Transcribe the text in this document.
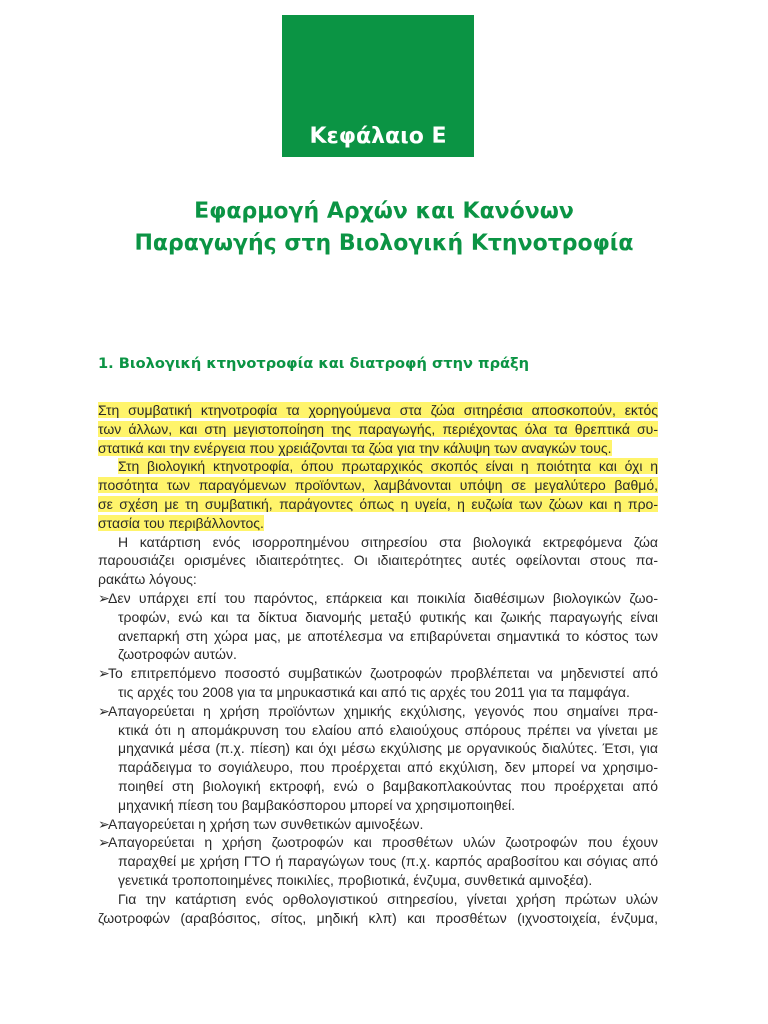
Κεφάλαιο Ε
Εφαρμογή Αρχών και Κανόνων
Παραγωγής στη Βιολογική Κτηνοτροφία
1. Βιολογική κτηνοτροφία και διατροφή στην πράξη
Στη συμβατική κτηνοτροφία τα χορηγούμενα στα ζώα σιτηρέσια αποσκοπούν, εκτός
των άλλων, και στη μεγιστοποίηση της παραγωγής, περιέχοντας όλα τα θρεπτικά συ-
στατικά και την ενέργεια που χρειάζονται τα ζώα για την κάλυψη των αναγκών τους.
Στη βιολογική κτηνοτροφία, όπου πρωταρχικός σκοπός είναι η ποιότητα και όχι η
ποσότητα των παραγόμενων προϊόντων, λαμβάνονται υπόψη σε μεγαλύτερο βαθμό,
σε σχέση με τη συμβατική, παράγοντες όπως η υγεία, η ευζωία των ζώων και η προ-
στασία του περιβάλλοντος.
Η κατάρτιση ενός ισορροπημένου σιτηρεσίου στα βιολογικά εκτρεφόμενα ζώα
παρουσιάζει ορισμένες ιδιαιτερότητες. Οι ιδιαιτερότητες αυτές οφείλονται στους πα-
ρακάτω λόγους:
➢Δεν υπάρχει επί του παρόντος, επάρκεια και ποικιλία διαθέσιμων βιολογικών ζωο-
τροφών, ενώ και τα δίκτυα διανομής μεταξύ φυτικής και ζωικής παραγωγής είναι
ανεπαρκή στη χώρα μας, με αποτέλεσμα να επιβαρύνεται σημαντικά το κόστος των
ζωοτροφών αυτών.
➢Το επιτρεπόμενο ποσοστό συμβατικών ζωοτροφών προβλέπεται να μηδενιστεί από
τις αρχές του 2008 για τα μηρυκαστικά και από τις αρχές του 2011 για τα παμφάγα.
➢Απαγορεύεται η χρήση προϊόντων χημικής εκχύλισης, γεγονός που σημαίνει πρα-
κτικά ότι η απομάκρυνση του ελαίου από ελαιούχους σπόρους πρέπει να γίνεται με
μηχανικά μέσα (π.χ. πίεση) και όχι μέσω εκχύλισης με οργανικούς διαλύτες. Έτσι, για
παράδειγμα το σογιάλευρο, που προέρχεται από εκχύλιση, δεν μπορεί να χρησιμο-
ποιηθεί στη βιολογική εκτροφή, ενώ ο βαμβακοπλακούντας που προέρχεται από
μηχανική πίεση του βαμβακόσπορου μπορεί να χρησιμοποιηθεί.
➢Απαγορεύεται η χρήση των συνθετικών αμινοξέων.
➢Απαγορεύεται η χρήση ζωοτροφών και προσθέτων υλών ζωοτροφών που έχουν
παραχθεί με χρήση ΓΤΟ ή παραγώγων τους (π.χ. καρπός αραβοσίτου και σόγιας από
γενετικά τροποποιημένες ποικιλίες, προβιοτικά, ένζυμα, συνθετικά αμινοξέα).
Για την κατάρτιση ενός ορθολογιστικού σιτηρεσίου, γίνεται χρήση πρώτων υλών
ζωοτροφών (αραβόσιτος, σίτος, μηδική κλπ) και προσθέτων (ιχνοστοιχεία, ένζυμα,
